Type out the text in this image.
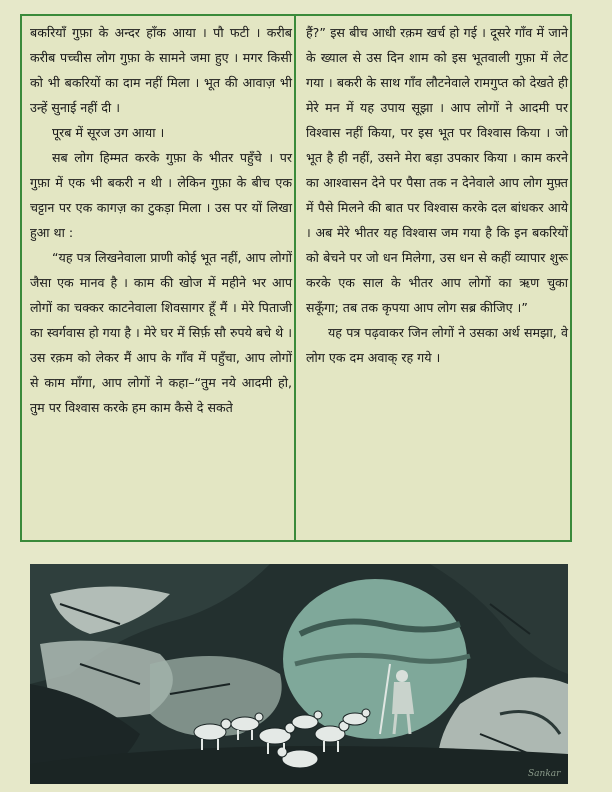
बकरियाँ गुफ़ा के अन्दर हाँक आया । पौ फटी । करीब करीब पच्चीस लोग गुफ़ा के सामने जमा हुए । मगर किसी को भी बकरियों का दाम नहीं मिला । भूत की आवाज़ भी उन्हें सुनाई नहीं दी ।

पूरब में सूरज उग आया ।

सब लोग हिम्मत करके गुफ़ा के भीतर पहुँचे । पर गुफ़ा में एक भी बकरी न थी । लेकिन गुफ़ा के बीच एक चट्टान पर एक कागज़ का टुकड़ा मिला । उस पर यों लिखा हुआ था :

“यह पत्र लिखनेवाला प्राणी कोई भूत नहीं, आप लोगों जैसा एक मानव है । काम की खोज में महीने भर आप लोगों का चक्कर काटनेवाला शिवसागर हूँ मैं । मेरे पिताजी का स्वर्गवास हो गया है । मेरे घर में सिर्फ़ सौ रुपये बचे थे । उस रक़म को लेकर मैं आप के गाँव में पहुँचा, आप लोगों से काम माँगा, आप लोगों ने कहा–“तुम नये आदमी हो, तुम पर विश्वास करके हम काम कैसे दे सकते

हैं?” इस बीच आधी रक़म खर्च हो गई । दूसरे गाँव में जाने के ख्याल से उस दिन शाम को इस भूतवाली गुफ़ा में लेट गया । बकरी के साथ गाँव लौटनेवाले रामगुप्त को देखते ही मेरे मन में यह उपाय सूझा । आप लोगों ने आदमी पर विश्वास नहीं किया, पर इस भूत पर विश्वास किया । जो भूत है ही नहीं, उसने मेरा बड़ा उपकार किया । काम करने का आश्वासन देने पर पैसा तक न देनेवाले आप लोग मुफ़्त में पैसे मिलने की बात पर विश्वास करके दल बांधकर आये । अब मेरे भीतर यह विश्वास जम गया है कि इन बकरियों को बेचने पर जो धन मिलेगा, उस धन से कहीं व्यापार शुरू करके एक साल के भीतर आप लोगों का ऋण चुका सकूँगा; तब तक कृपया आप लोग सब्र कीजिए ।”

यह पत्र पढ़वाकर जिन लोगों ने उसका अर्थ समझा, वे लोग एक दम अवाक् रह गये ।

Sankar
